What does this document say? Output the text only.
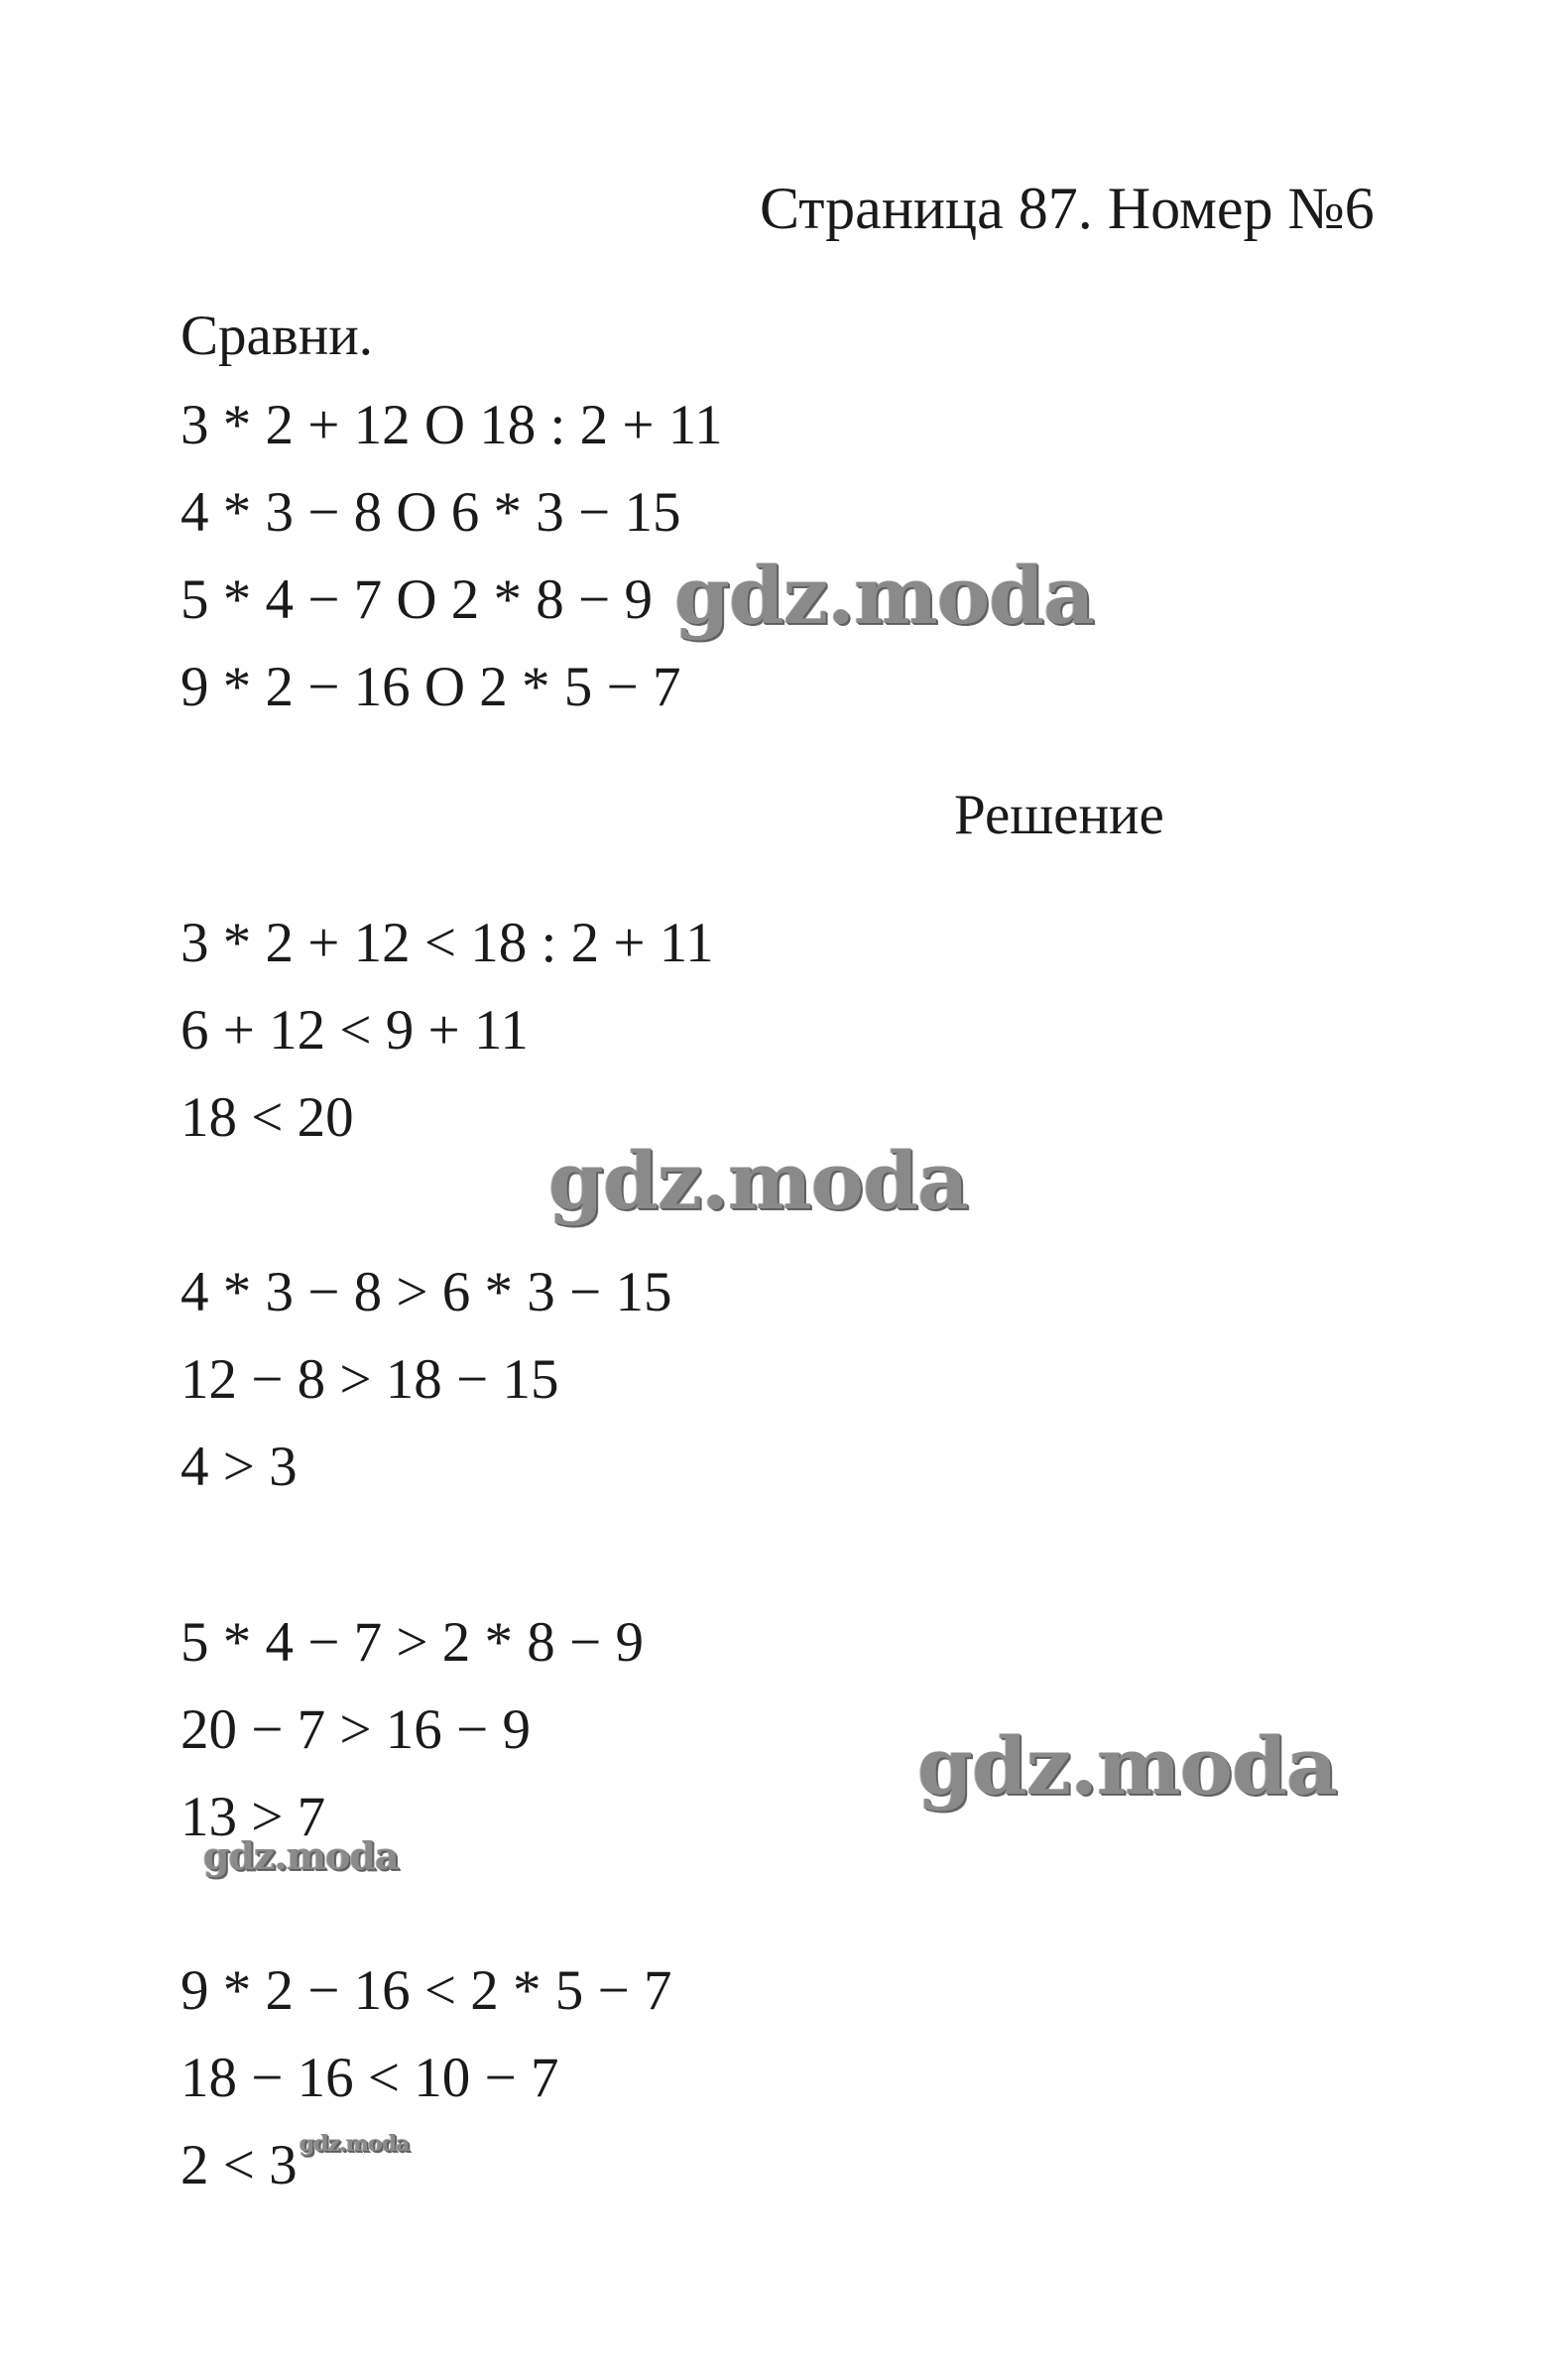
Страница 87. Номер №6
Сравни.
3 * 2 + 12 O 18 : 2 + 11
4 * 3 − 8 O 6 * 3 − 15
5 * 4 − 7 O 2 * 8 − 9
9 * 2 − 16 O 2 * 5 − 7
Решение
3 * 2 + 12 < 18 : 2 + 11
6 + 12 < 9 + 11
18 < 20
4 * 3 − 8 > 6 * 3 − 15
12 − 8 > 18 − 15
4 > 3
5 * 4 − 7 > 2 * 8 − 9
20 − 7 > 16 − 9
13 > 7
9 * 2 − 16 < 2 * 5 − 7
18 − 16 < 10 − 7
2 < 3
gdz.moda
gdz.moda
gdz.moda
gdz.moda
gdz.moda
